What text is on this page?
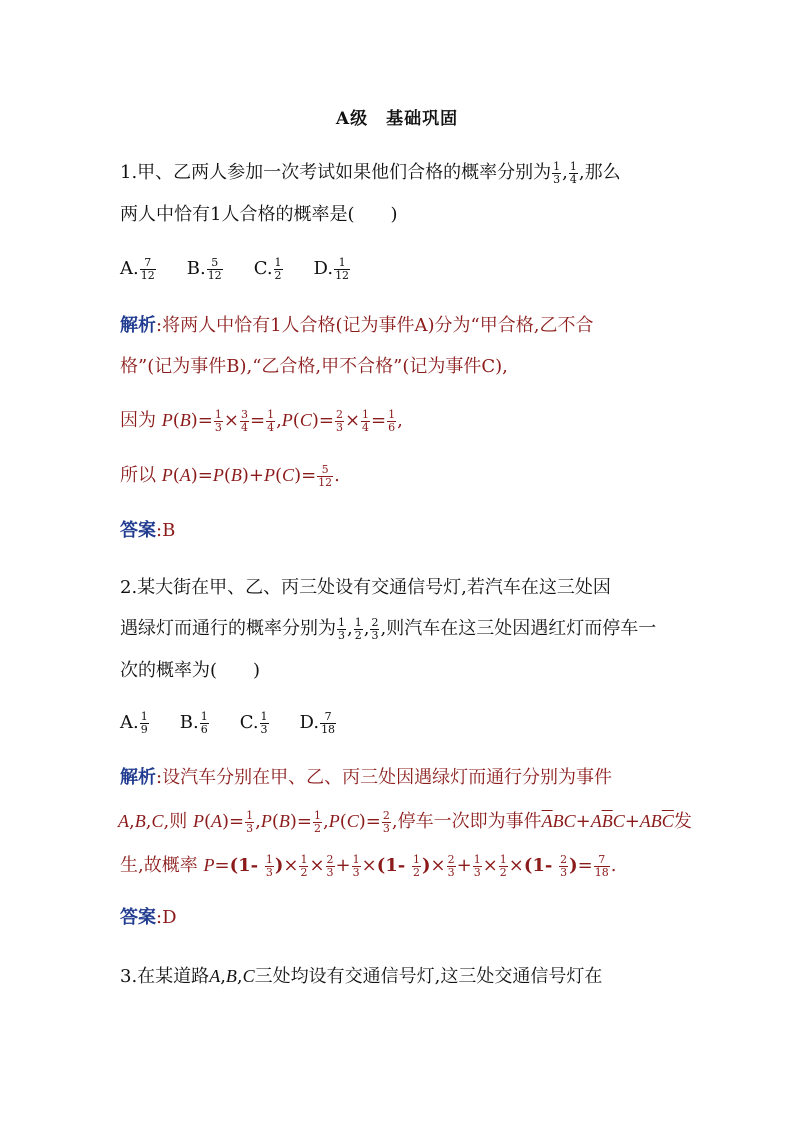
A级　基础巩固
1.甲、乙两人参加一次考试如果他们合格的概率分别为 $\frac{1}{3}$ , $\frac{1}{4}$ ,那么
两人中恰有1人合格的概率是(　　)
A. $\frac{7}{12} B$. $\frac{5}{12} C$. $\frac{1}{2} D$. $\frac{1}{12}$
解析:将两人中恰有1人合格(记为事件A)分为“甲合格,乙不合
格”(记为事件B),“乙合格,甲不合格”(记为事件C),
因为 $P(B)= \frac{1}{3} \times \frac{3}{4} = \frac{1}{4} ,P(C)= \frac{2}{3} \times \frac{1}{4} = \frac{1}{6}$ ,
所以 $P(A)=P(B)+P(C)= \frac{5}{12}$ .
答案:B
2.某大街在甲、乙、丙三处设有交通信号灯,若汽车在这三处因
遇绿灯而通行的概率分别为 $\frac{1}{3}$ , $\frac{1}{2}$ , $\frac{2}{3}$ ,则汽车在这三处因遇红灯而停车一
次的概率为(　　)
A. $\frac{1}{9} B$. $\frac{1}{6} C$. $\frac{1}{3} D$. $\frac{7}{18}$
解析:设汽车分别在甲、乙、丙三处因遇绿灯而通行分别为事件
A,B,C,则 $P(A)= \frac{1}{3} ,P(B)= \frac{1}{2} ,P(C)= \frac{2}{3}$ ,停车一次即为事件$\overline{A}BC+A\overline{B}C+AB\overline{C}$发
生,故概率 $P=(1- \frac{1}{3}$ )× $\frac{1}{2} \times \frac{2}{3} + \frac{1}{3} \times(1- \frac{1}{2}$ )× $\frac{2}{3} + \frac{1}{3} \times \frac{1}{2} \times(1- \frac{2}{3}$ )= $\frac{7}{18}$ .
答案:D
3.在某道路A,B,C三处均设有交通信号灯,这三处交通信号灯在
